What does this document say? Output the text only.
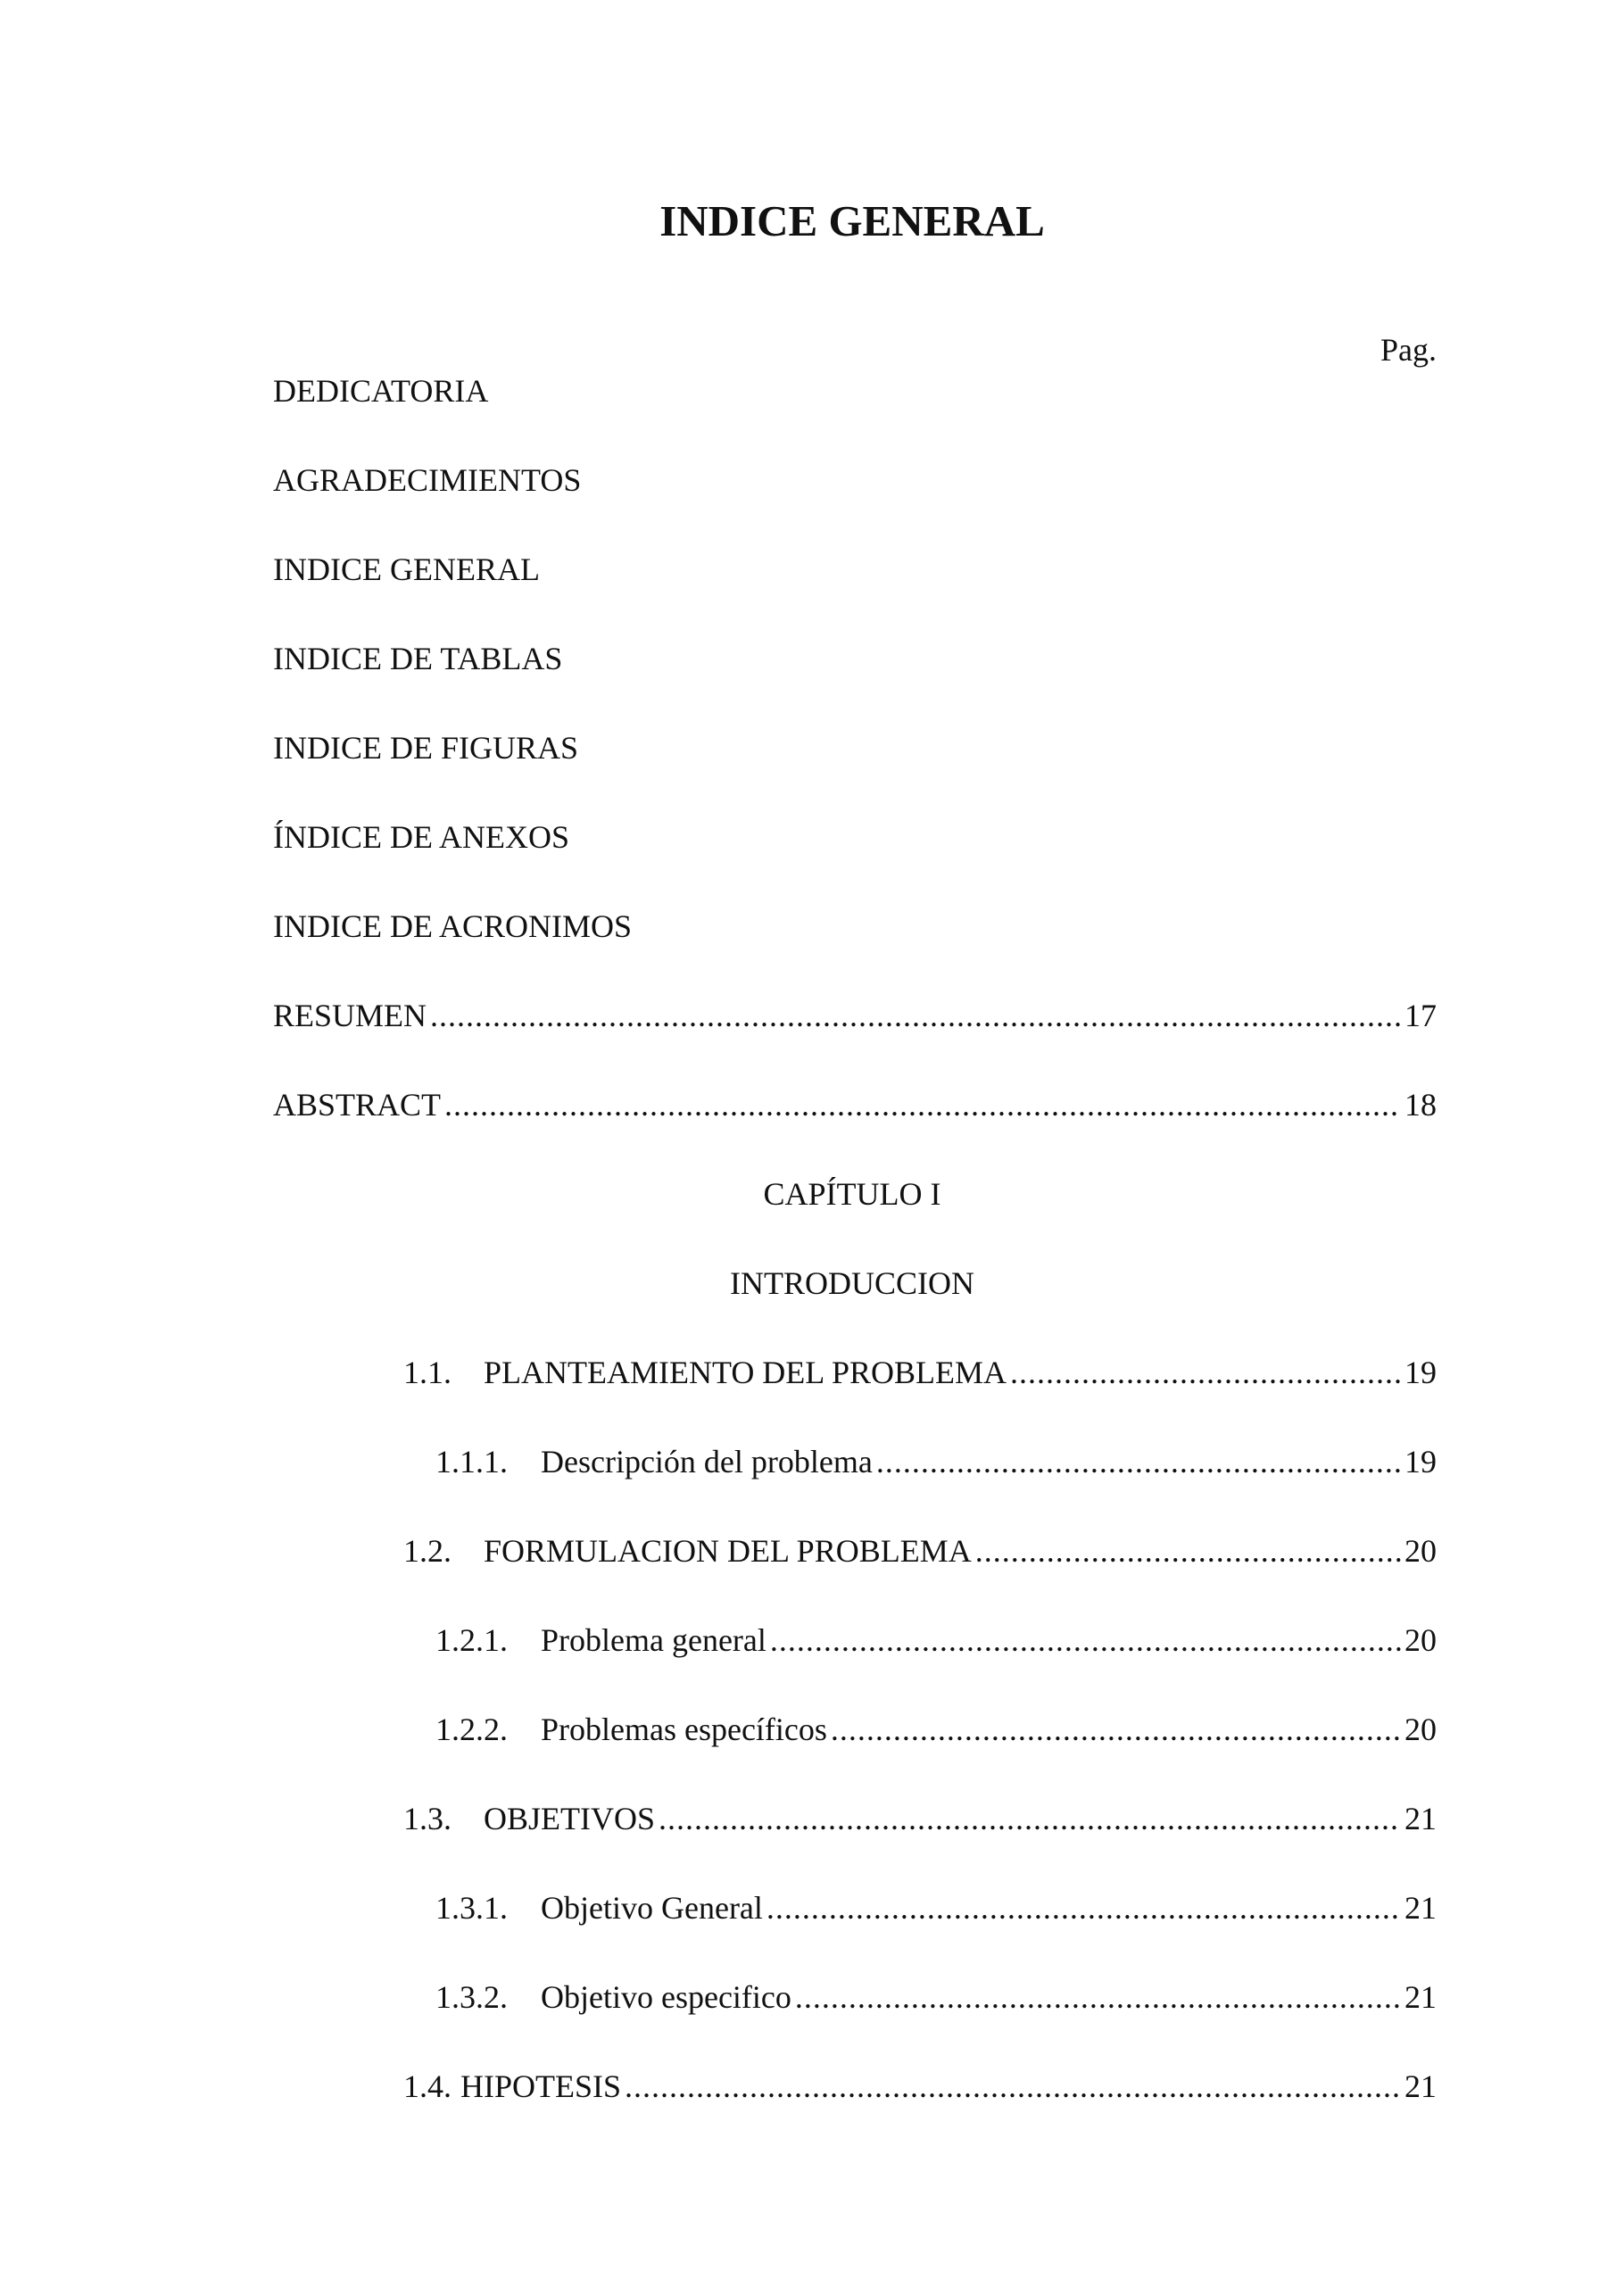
INDICE GENERAL
Pag.
DEDICATORIA
AGRADECIMIENTOS
INDICE GENERAL
INDICE DE TABLAS
INDICE DE FIGURAS
ÍNDICE DE ANEXOS
INDICE DE ACRONIMOS
RESUMEN .....	17
ABSTRACT .....	18
CAPÍTULO I
INTRODUCCION
1.1.	PLANTEAMIENTO DEL PROBLEMA .....	19
1.1.1.	Descripción del problema .....	19
1.2.	FORMULACION DEL PROBLEMA .....	20
1.2.1.	Problema general .....	20
1.2.2.	Problemas específicos .....	20
1.3.	OBJETIVOS .....	21
1.3.1.	Objetivo General .....	21
1.3.2.	Objetivo especifico .....	21
1.4. HIPOTESIS .....	21
